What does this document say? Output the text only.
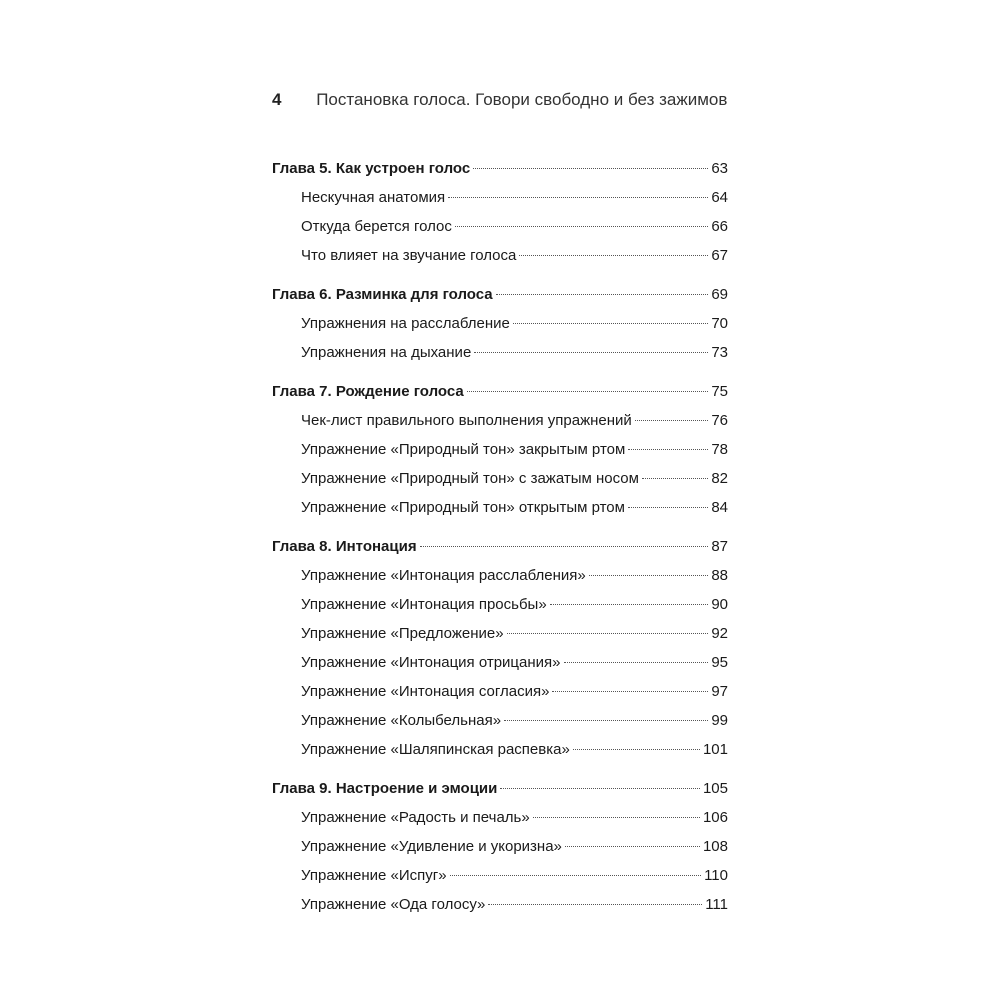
4 Постановка голоса. Говори свободно и без зажимов
Глава 5. Как устроен голос	63
Нескучная анатомия	64
Откуда берется голос	66
Что влияет на звучание голоса	67
Глава 6. Разминка для голоса	69
Упражнения на расслабление	70
Упражнения на дыхание	73
Глава 7. Рождение голоса	75
Чек-лист правильного выполнения упражнений	76
Упражнение «Природный тон» закрытым ртом	78
Упражнение «Природный тон» с зажатым носом	82
Упражнение «Природный тон» открытым ртом	84
Глава 8. Интонация	87
Упражнение «Интонация расслабления»	88
Упражнение «Интонация просьбы»	90
Упражнение «Предложение»	92
Упражнение «Интонация отрицания»	95
Упражнение «Интонация согласия»	97
Упражнение «Колыбельная»	99
Упражнение «Шаляпинская распевка»	101
Глава 9. Настроение и эмоции	105
Упражнение «Радость и печаль»	106
Упражнение «Удивление и укоризна»	108
Упражнение «Испуг»	110
Упражнение «Ода голосу»	111
